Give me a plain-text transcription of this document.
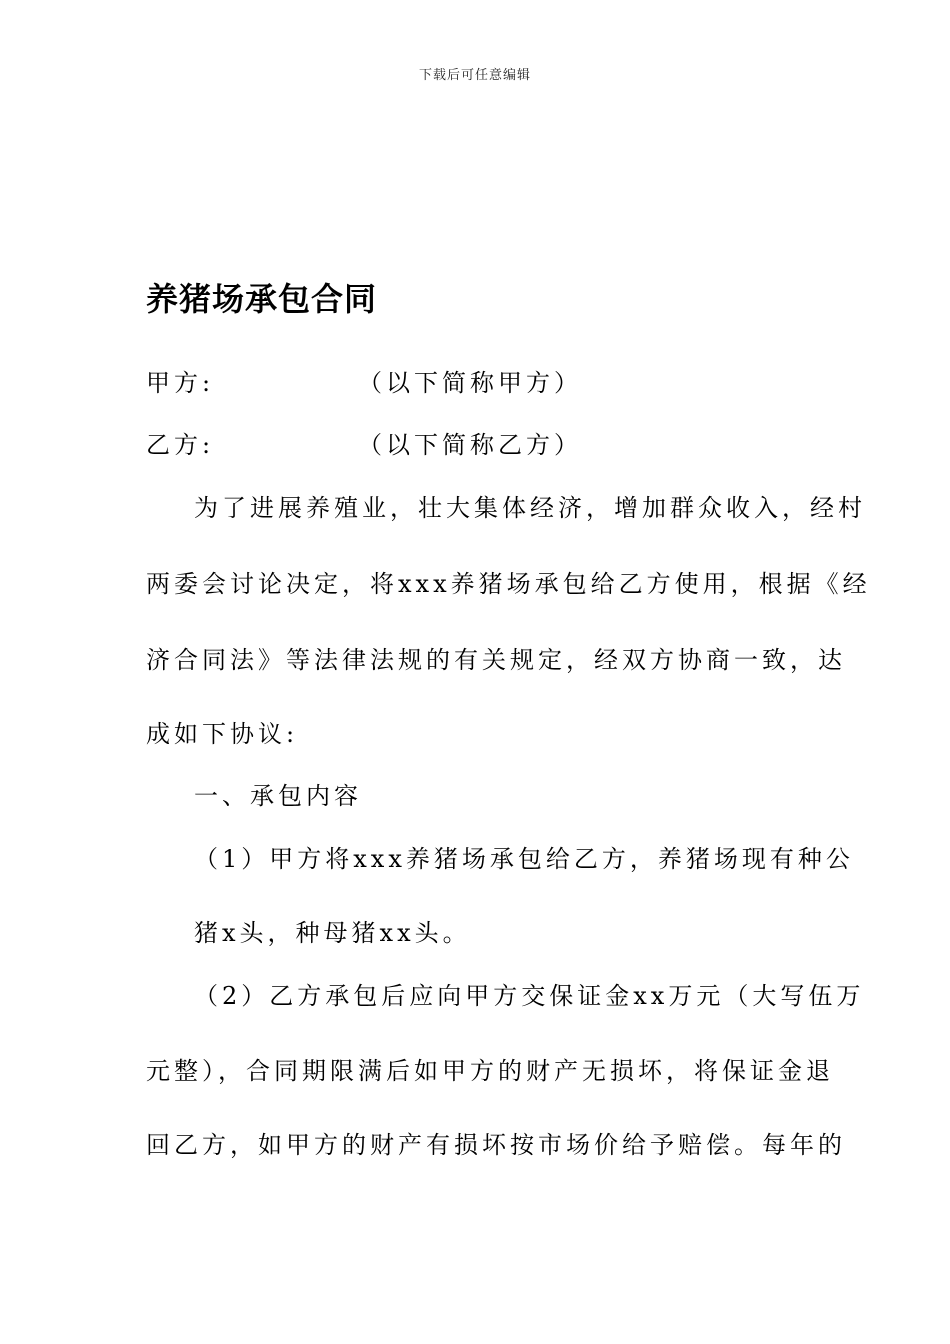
下载后可任意编辑
养猪场承包合同
甲方:	（以下简称甲方）
乙方:	（以下简称乙方）
为了进展养殖业，壮大集体经济，增加群众收入，经村
两委会讨论决定，将xxx养猪场承包给乙方使用，根据《经
济合同法》等法律法规的有关规定，经双方协商一致，达
成如下协议:
一、承包内容
（1）甲方将xxx养猪场承包给乙方，养猪场现有种公
猪x头，种母猪xx头。
（2）乙方承包后应向甲方交保证金xx万元（大写伍万
元整），合同期限满后如甲方的财产无损坏，将保证金退
回乙方，如甲方的财产有损坏按市场价给予赔偿。每年的
